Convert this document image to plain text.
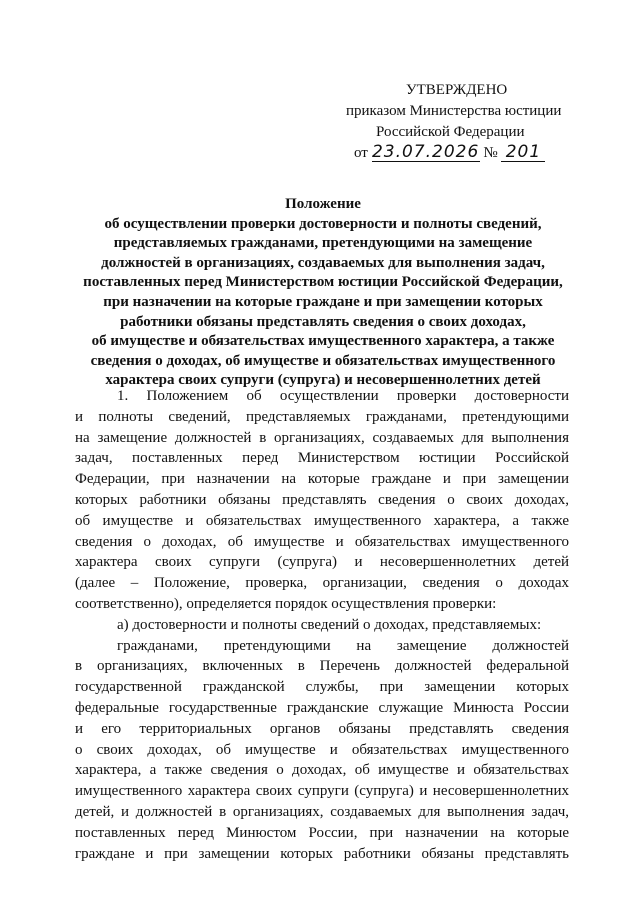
УТВЕРЖДЕНО
приказом Министерства юстиции
Российской Федерации
от 23.07.2026 № 201
Положение
об осуществлении проверки достоверности и полноты сведений,
представляемых гражданами, претендующими на замещение
должностей в организациях, создаваемых для выполнения задач,
поставленных перед Министерством юстиции Российской Федерации,
при назначении на которые граждане и при замещении которых
работники обязаны представлять сведения о своих доходах,
об имуществе и обязательствах имущественного характера, а также
сведения о доходах, об имуществе и обязательствах имущественного
характера своих супруги (супруга) и несовершеннолетних детей

1. Положением об осуществлении проверки достоверности

и полноты сведений, представляемых гражданами, претендующими

на замещение должностей в организациях, создаваемых для выполнения

задач, поставленных перед Министерством юстиции Российской

Федерации, при назначении на которые граждане и при замещении

которых работники обязаны представлять сведения о своих доходах,

об имуществе и обязательствах имущественного характера, а также

сведения о доходах, об имуществе и обязательствах имущественного

характера своих супруги (супруга) и несовершеннолетних детей

(далее – Положение, проверка, организации, сведения о доходах

соответственно), определяется порядок осуществления проверки:

а) достоверности и полноты сведений о доходах, представляемых:

гражданами, претендующими на замещение должностей

в организациях, включенных в Перечень должностей федеральной

государственной гражданской службы, при замещении которых

федеральные государственные гражданские служащие Минюста России

и его территориальных органов обязаны представлять сведения

о своих доходах, об имуществе и обязательствах имущественного

характера, а также сведения о доходах, об имуществе и обязательствах

имущественного характера своих супруги (супруга) и несовершеннолетних

детей, и должностей в организациях, создаваемых для выполнения задач,

поставленных перед Минюстом России, при назначении на которые

граждане и при замещении которых работники обязаны представлять
